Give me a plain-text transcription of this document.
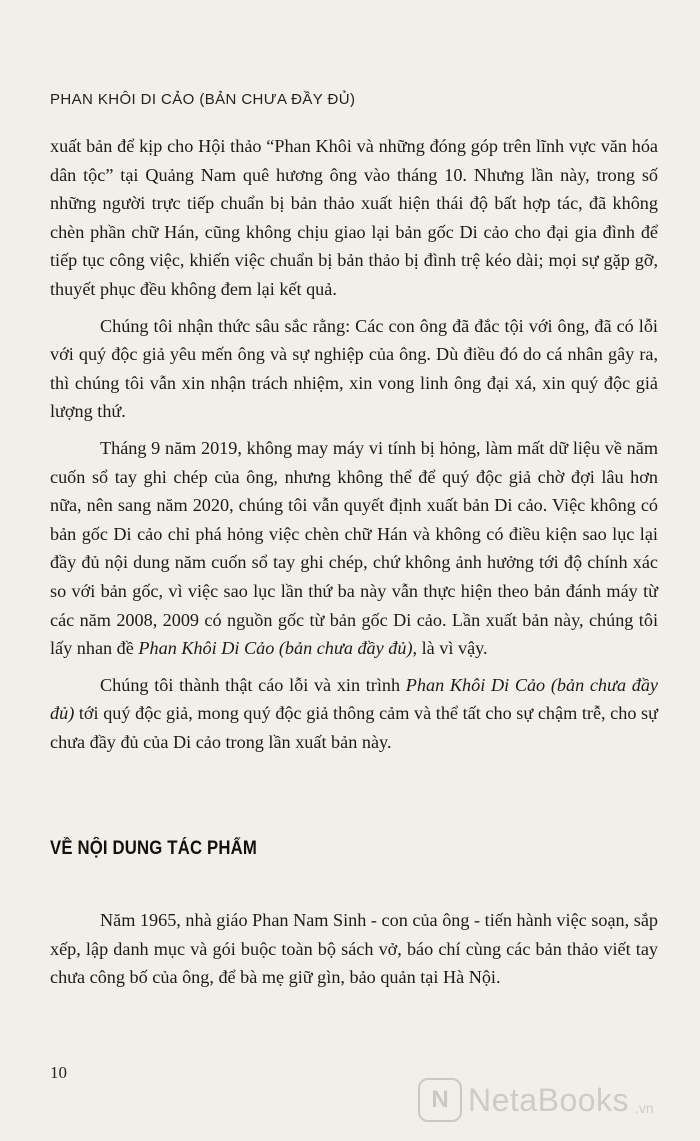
PHAN KHÔI DI CẢO (BẢN CHƯA ĐẦY ĐỦ)

xuất bản để kịp cho Hội thảo “Phan Khôi và những đóng góp trên lĩnh vực văn hóa dân tộc” tại Quảng Nam quê hương ông vào tháng 10. Nhưng lần này, trong số những người trực tiếp chuẩn bị bản thảo xuất hiện thái độ bất hợp tác, đã không chèn phần chữ Hán, cũng không chịu giao lại bản gốc Di cảo cho đại gia đình để tiếp tục công việc, khiến việc chuẩn bị bản thảo bị đình trệ kéo dài; mọi sự gặp gỡ, thuyết phục đều không đem lại kết quả.

Chúng tôi nhận thức sâu sắc rằng: Các con ông đã đắc tội với ông, đã có lỗi với quý độc giả yêu mến ông và sự nghiệp của ông. Dù điều đó do cá nhân gây ra, thì chúng tôi vẫn xin nhận trách nhiệm, xin vong linh ông đại xá, xin quý độc giả lượng thứ.

Tháng 9 năm 2019, không may máy vi tính bị hỏng, làm mất dữ liệu về năm cuốn sổ tay ghi chép của ông, nhưng không thể để quý độc giả chờ đợi lâu hơn nữa, nên sang năm 2020, chúng tôi vẫn quyết định xuất bản Di cảo. Việc không có bản gốc Di cảo chỉ phá hỏng việc chèn chữ Hán và không có điều kiện sao lục lại đầy đủ nội dung năm cuốn sổ tay ghi chép, chứ không ảnh hưởng tới độ chính xác so với bản gốc, vì việc sao lục lần thứ ba này vẫn thực hiện theo bản đánh máy từ các năm 2008, 2009 có nguồn gốc từ bản gốc Di cảo. Lần xuất bản này, chúng tôi lấy nhan đề Phan Khôi Di Cảo (bản chưa đầy đủ), là vì vậy.

Chúng tôi thành thật cáo lỗi và xin trình Phan Khôi Di Cảo (bản chưa đầy đủ) tới quý độc giả, mong quý độc giả thông cảm và thể tất cho sự chậm trễ, cho sự chưa đầy đủ của Di cảo trong lần xuất bản này.

VỀ NỘI DUNG TÁC PHẨM

Năm 1965, nhà giáo Phan Nam Sinh - con của ông - tiến hành việc soạn, sắp xếp, lập danh mục và gói buộc toàn bộ sách vở, báo chí cùng các bản thảo viết tay chưa công bố của ông, để bà mẹ giữ gìn, bảo quản tại Hà Nội.

10
N NetaBooks .vn
